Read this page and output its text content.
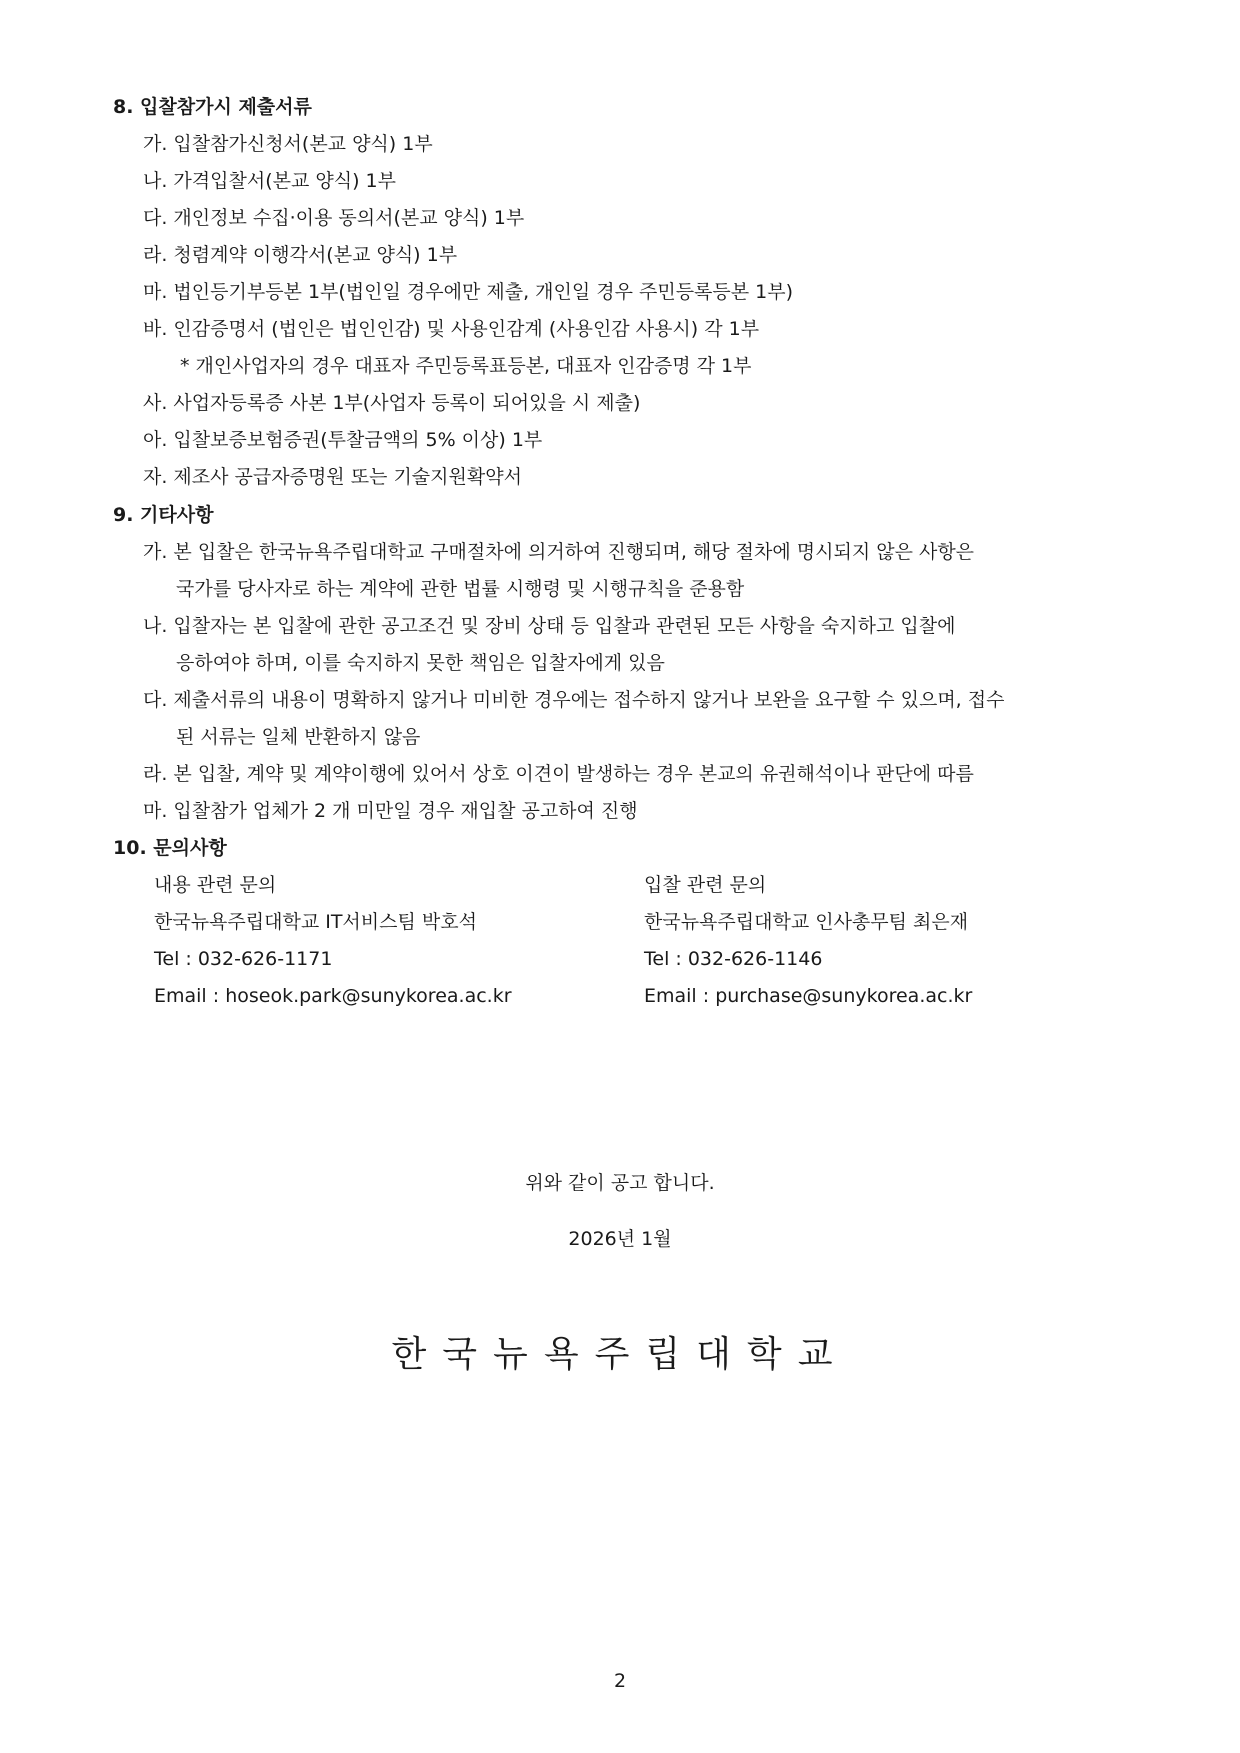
8. 입찰참가시 제출서류
가. 입찰참가신청서(본교 양식) 1부
나. 가격입찰서(본교 양식) 1부
다. 개인정보 수집·이용 동의서(본교 양식) 1부
라. 청렴계약 이행각서(본교 양식) 1부
마. 법인등기부등본 1부(법인일 경우에만 제출, 개인일 경우 주민등록등본 1부)
바. 인감증명서 (법인은 법인인감) 및 사용인감계 (사용인감 사용시) 각 1부
* 개인사업자의 경우 대표자 주민등록표등본, 대표자 인감증명 각 1부
사. 사업자등록증 사본 1부(사업자 등록이 되어있을 시 제출)
아. 입찰보증보험증권(투찰금액의 5% 이상) 1부
자. 제조사 공급자증명원 또는 기술지원확약서
9. 기타사항
가. 본 입찰은 한국뉴욕주립대학교 구매절차에 의거하여 진행되며, 해당 절차에 명시되지 않은 사항은
국가를 당사자로 하는 계약에 관한 법률 시행령 및 시행규칙을 준용함
나. 입찰자는 본 입찰에 관한 공고조건 및 장비 상태 등 입찰과 관련된 모든 사항을 숙지하고 입찰에
응하여야 하며, 이를 숙지하지 못한 책임은 입찰자에게 있음
다. 제출서류의 내용이 명확하지 않거나 미비한 경우에는 접수하지 않거나 보완을 요구할 수 있으며, 접수
된 서류는 일체 반환하지 않음
라. 본 입찰, 계약 및 계약이행에 있어서 상호 이견이 발생하는 경우 본교의 유권해석이나 판단에 따름
마. 입찰참가 업체가 2 개 미만일 경우 재입찰 공고하여 진행
10. 문의사항
내용 관련 문의
한국뉴욕주립대학교 IT서비스팀 박호석
Tel : 032-626-1171
Email : hoseok.park@sunykorea.ac.kr
입찰 관련 문의
한국뉴욕주립대학교 인사총무팀 최은재
Tel : 032-626-1146
Email : purchase@sunykorea.ac.kr
위와 같이 공고 합니다.
2026년 1월
한국뉴욕주립대학교
2
